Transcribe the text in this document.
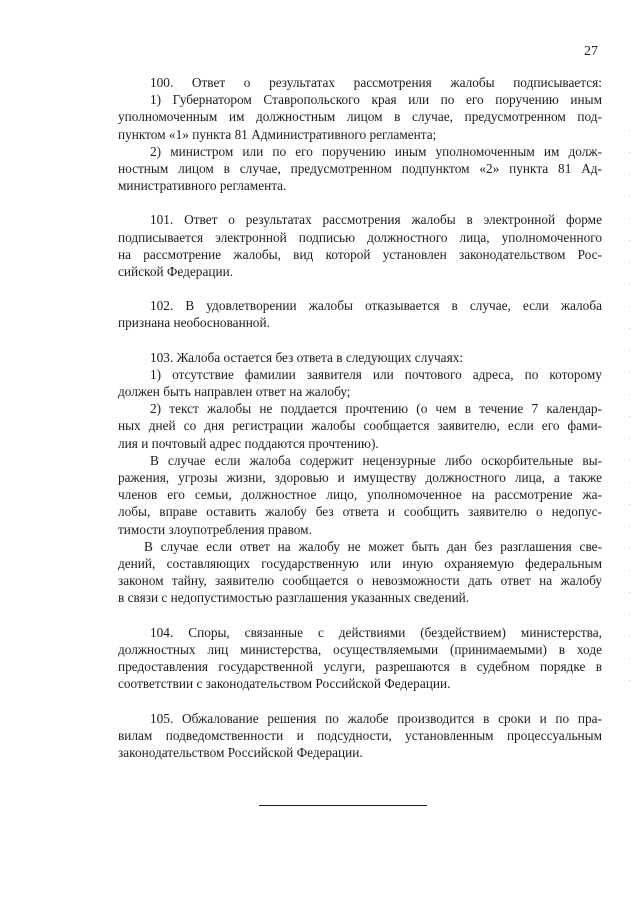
27
100. Ответ о результатах рассмотрения жалобы подписывается:
1) Губернатором Ставропольского края или по его поручению иным
уполномоченным им должностным лицом в случае, предусмотренном под-
пунктом «1» пункта 81 Административного регламента;
2) министром или по его поручению иным уполномоченным им долж-
ностным лицом в случае, предусмотренном подпунктом «2» пункта 81 Ад-
министративного регламента.
101. Ответ о результатах рассмотрения жалобы в электронной форме
подписывается электронной подписью должностного лица, уполномоченного
на рассмотрение жалобы, вид которой установлен законодательством Рос-
сийской Федерации.
102. В удовлетворении жалобы отказывается в случае, если жалоба
признана необоснованной.
103. Жалоба остается без ответа в следующих случаях:
1) отсутствие фамилии заявителя или почтового адреса, по которому
должен быть направлен ответ на жалобу;
2) текст жалобы не поддается прочтению (о чем в течение 7 календар-
ных дней со дня регистрации жалобы сообщается заявителю, если его фами-
лия и почтовый адрес поддаются прочтению).
В случае если жалоба содержит нецензурные либо оскорбительные вы-
ражения, угрозы жизни, здоровью и имуществу должностного лица, а также
членов его семьи, должностное лицо, уполномоченное на рассмотрение жа-
лобы, вправе оставить жалобу без ответа и сообщить заявителю о недопус-
тимости злоупотребления правом.
В случае если ответ на жалобу не может быть дан без разглашения све-
дений, составляющих государственную или иную охраняемую федеральным
законом тайну, заявителю сообщается о невозможности дать ответ на жалобу
в связи с недопустимостью разглашения указанных сведений.
104. Споры, связанные с действиями (бездействием) министерства,
должностных лиц министерства, осуществляемыми (принимаемыми) в ходе
предоставления государственной услуги, разрешаются в судебном порядке в
соответствии с законодательством Российской Федерации.
105. Обжалование решения по жалобе производится в сроки и по пра-
вилам подведомственности и подсудности, установленным процессуальным
законодательством Российской Федерации.
